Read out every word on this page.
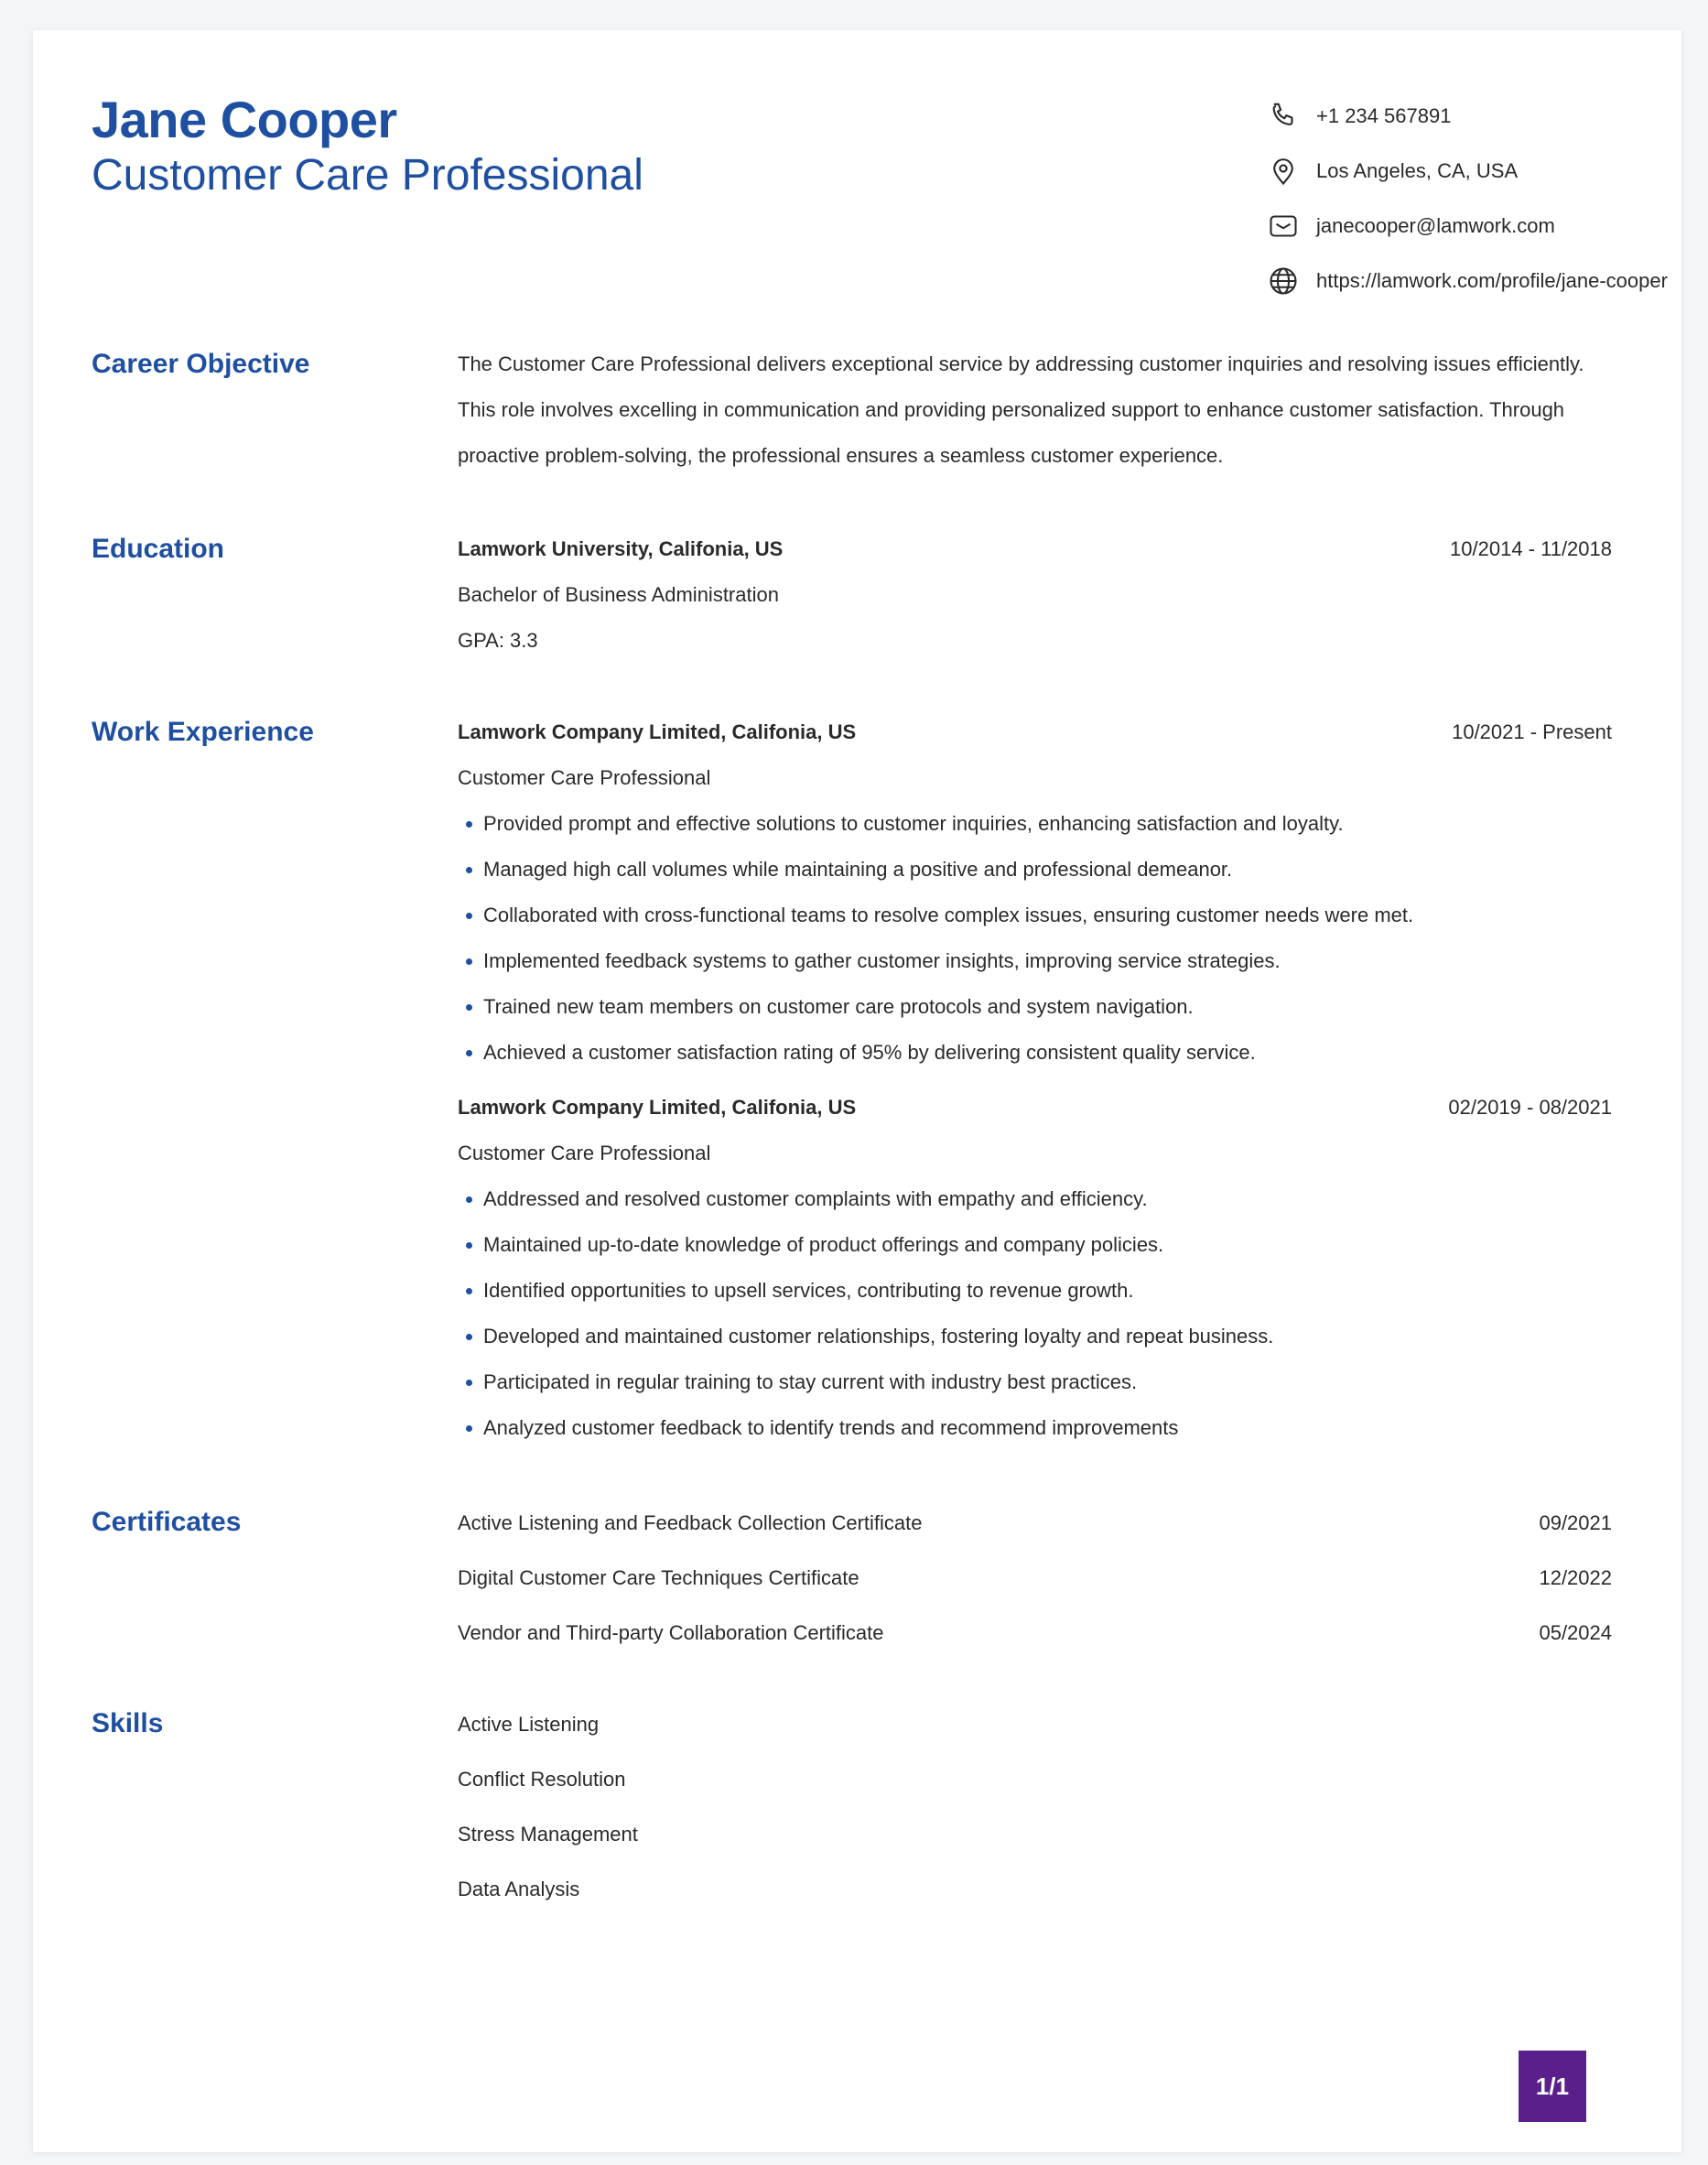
Jane Cooper
Customer Care Professional
+1 234 567891
Los Angeles, CA, USA
janecooper@lamwork.com
https://lamwork.com/profile/jane-cooper
Career Objective	The Customer Care Professional delivers exceptional service by addressing customer inquiries and resolving issues efficiently. This role involves excelling in communication and providing personalized support to enhance customer satisfaction. Through proactive problem-solving, the professional ensures a seamless customer experience.

Education	Lamwork University, Califonia, US	10/2014 - 11/2018
Bachelor of Business Administration
GPA: 3.3
Work Experience	Lamwork Company Limited, Califonia, US	10/2021 - Present
Customer Care Professional
Provided prompt and effective solutions to customer inquiries, enhancing satisfaction and loyalty.
Managed high call volumes while maintaining a positive and professional demeanor.
Collaborated with cross-functional teams to resolve complex issues, ensuring customer needs were met.
Implemented feedback systems to gather customer insights, improving service strategies.
Trained new team members on customer care protocols and system navigation.
Achieved a customer satisfaction rating of 95% by delivering consistent quality service.
Lamwork Company Limited, Califonia, US	02/2019 - 08/2021
Customer Care Professional
Addressed and resolved customer complaints with empathy and efficiency.
Maintained up-to-date knowledge of product offerings and company policies.
Identified opportunities to upsell services, contributing to revenue growth.
Developed and maintained customer relationships, fostering loyalty and repeat business.
Participated in regular training to stay current with industry best practices.
Analyzed customer feedback to identify trends and recommend improvements
Certificates	Active Listening and Feedback Collection Certificate	09/2021
Digital Customer Care Techniques Certificate	12/2022
Vendor and Third-party Collaboration Certificate	05/2024
Skills	Active Listening
Conflict Resolution
Stress Management
Data Analysis
1/1
